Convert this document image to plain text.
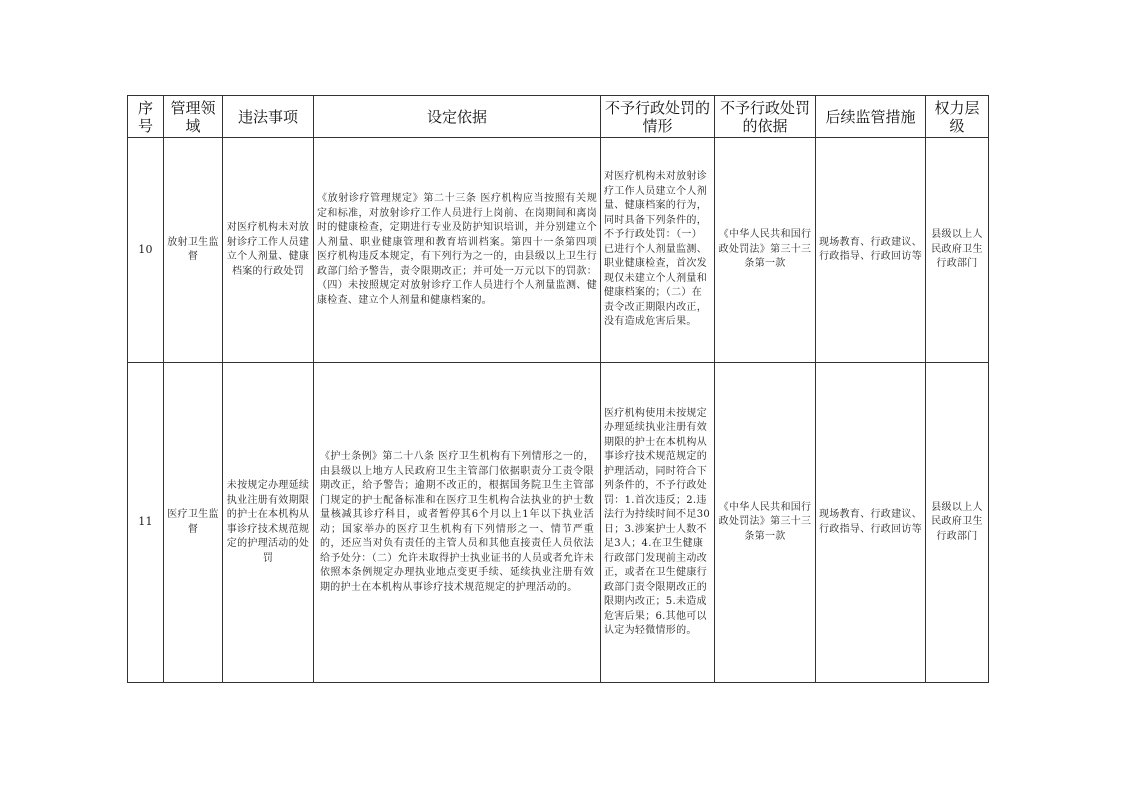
序号	管理领域	违法事项	设定依据	不予行政处罚的情形	不予行政处罚的依据	后续监管措施	权力层级
10	放射卫生监督	对医疗机构未对放射诊疗工作人员建立个人剂量、健康档案的行政处罚	《放射诊疗管理规定》第二十三条 医疗机构应当按照有关规定和标准，对放射诊疗工作人员进行上岗前、在岗期间和离岗时的健康检查，定期进行专业及防护知识培训，并分别建立个人剂量、职业健康管理和教育培训档案。第四十一条第四项 医疗机构违反本规定，有下列行为之一的，由县级以上卫生行政部门给予警告，责令限期改正；并可处一万元以下的罚款：（四）未按照规定对放射诊疗工作人员进行个人剂量监测、健康检查、建立个人剂量和健康档案的。	对医疗机构未对放射诊疗工作人员建立个人剂量、健康档案的行为，同时具备下列条件的，不予行政处罚：（一）已进行个人剂量监测、职业健康检查，首次发现仅未建立个人剂量和健康档案的；（二）在责令改正期限内改正，没有造成危害后果。	《中华人民共和国行政处罚法》第三十三条第一款	现场教育、行政建议、行政指导、行政回访等	县级以上人民政府卫生行政部门
11	医疗卫生监督	未按规定办理延续执业注册有效期限的护士在本机构从事诊疗技术规范规定的护理活动的处罚	《护士条例》第二十八条 医疗卫生机构有下列情形之一的，由县级以上地方人民政府卫生主管部门依据职责分工责令限期改正，给予警告；逾期不改正的，根据国务院卫生主管部门规定的护士配备标准和在医疗卫生机构合法执业的护士数量核减其诊疗科目，或者暂停其6个月以上1年以下执业活动；国家举办的医疗卫生机构有下列情形之一、情节严重的，还应当对负有责任的主管人员和其他直接责任人员依法给予处分：（二）允许未取得护士执业证书的人员或者允许未依照本条例规定办理执业地点变更手续、延续执业注册有效期的护士在本机构从事诊疗技术规范规定的护理活动的。	医疗机构使用未按规定办理延续执业注册有效期限的护士在本机构从事诊疗技术规范规定的护理活动，同时符合下列条件的，不予行政处罚：1.首次违反；2.违法行为持续时间不足30日；3.涉案护士人数不足3人；4.在卫生健康行政部门发现前主动改正，或者在卫生健康行政部门责令限期改正的限期内改正；5.未造成危害后果；6.其他可以认定为轻微情形的。	《中华人民共和国行政处罚法》第三十三条第一款	现场教育、行政建议、行政指导、行政回访等	县级以上人民政府卫生行政部门
